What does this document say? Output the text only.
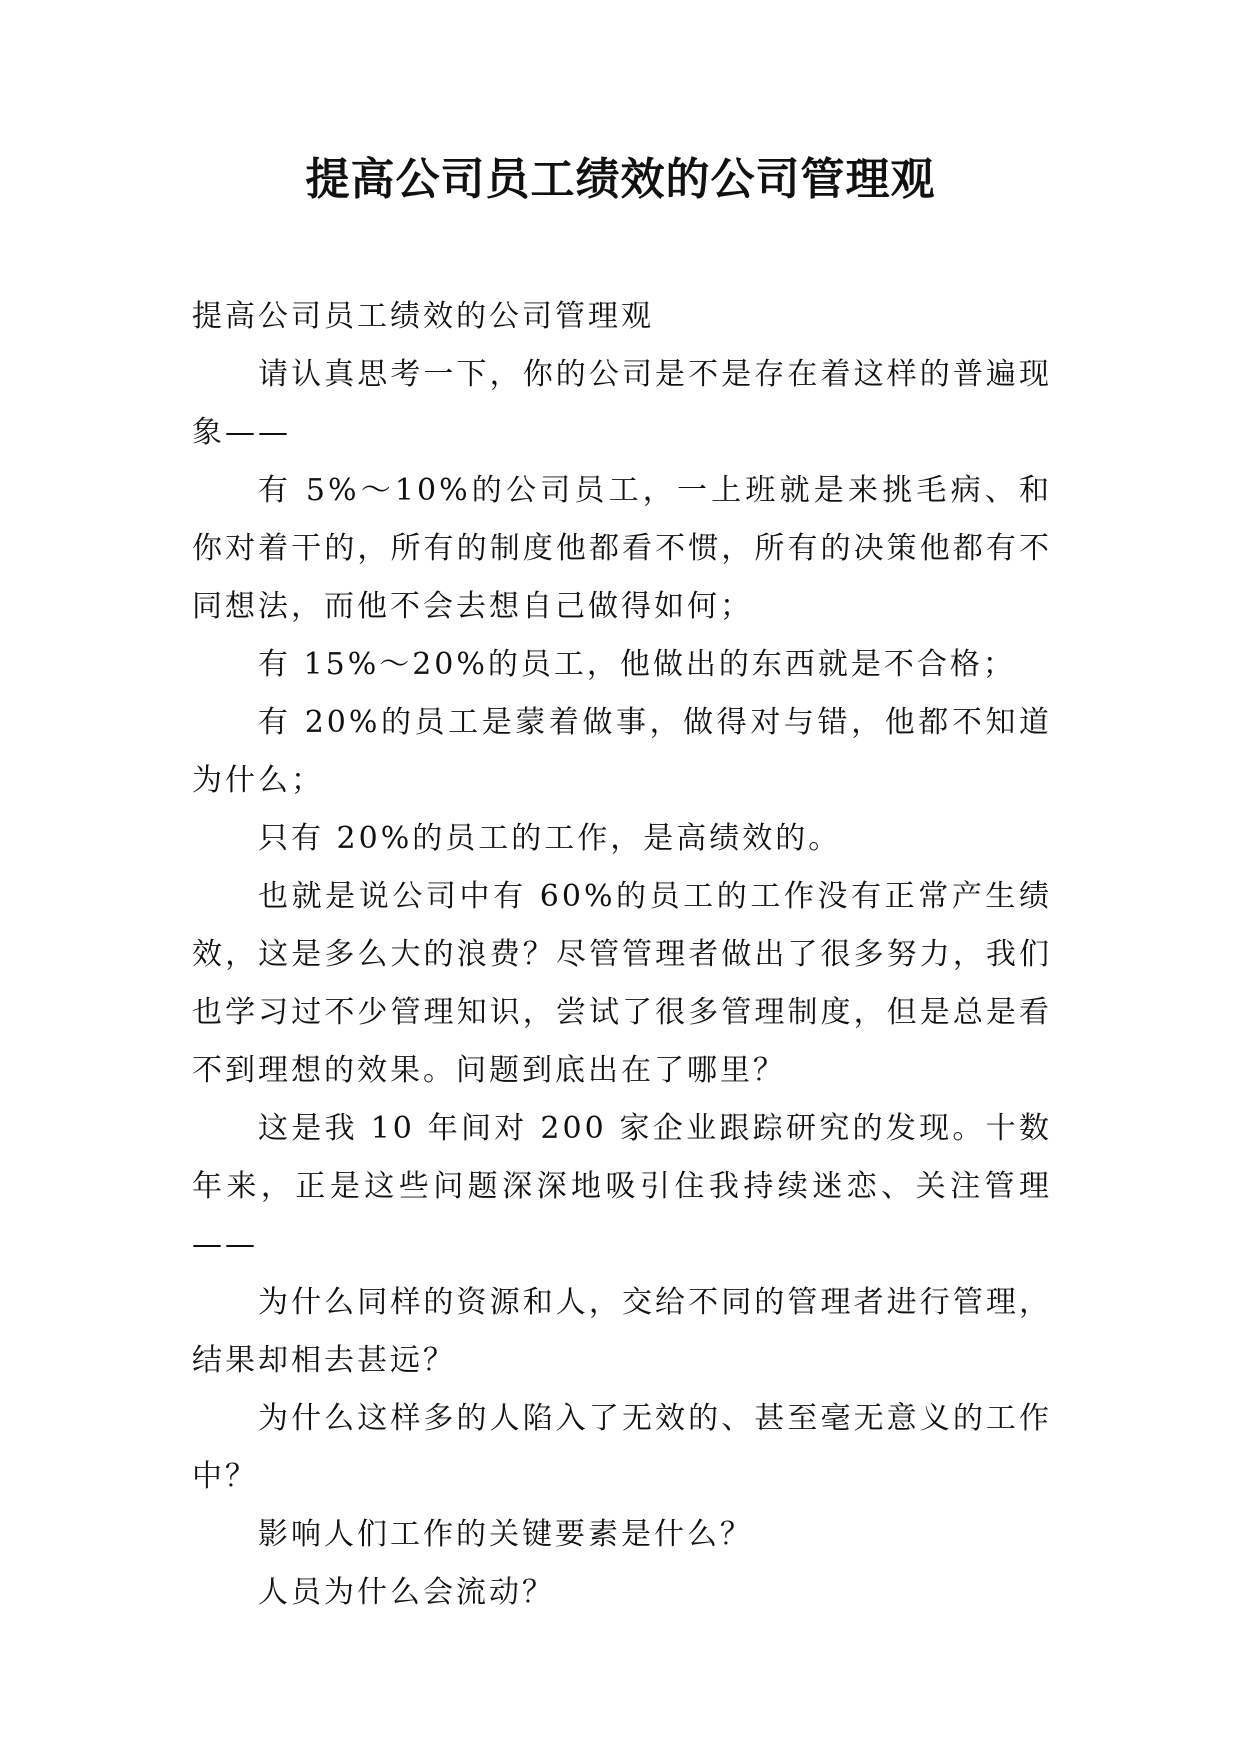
提高公司员工绩效的公司管理观

提高公司员工绩效的公司管理观

请认真思考一下，你的公司是不是存在着这样的普遍现象——

有 5%～10%的公司员工，一上班就是来挑毛病、和你对着干的，所有的制度他都看不惯，所有的决策他都有不同想法，而他不会去想自己做得如何；

有 15%～20%的员工，他做出的东西就是不合格；

有 20%的员工是蒙着做事，做得对与错，他都不知道为什么；

只有 20%的员工的工作，是高绩效的。

也就是说公司中有 60%的员工的工作没有正常产生绩效，这是多么大的浪费？尽管管理者做出了很多努力，我们也学习过不少管理知识，尝试了很多管理制度，但是总是看不到理想的效果。问题到底出在了哪里？

这是我 10 年间对 200 家企业跟踪研究的发现。十数年来，正是这些问题深深地吸引住我持续迷恋、关注管理——

为什么同样的资源和人，交给不同的管理者进行管理，结果却相去甚远？

为什么这样多的人陷入了无效的、甚至毫无意义的工作中？

影响人们工作的关键要素是什么？

人员为什么会流动？
